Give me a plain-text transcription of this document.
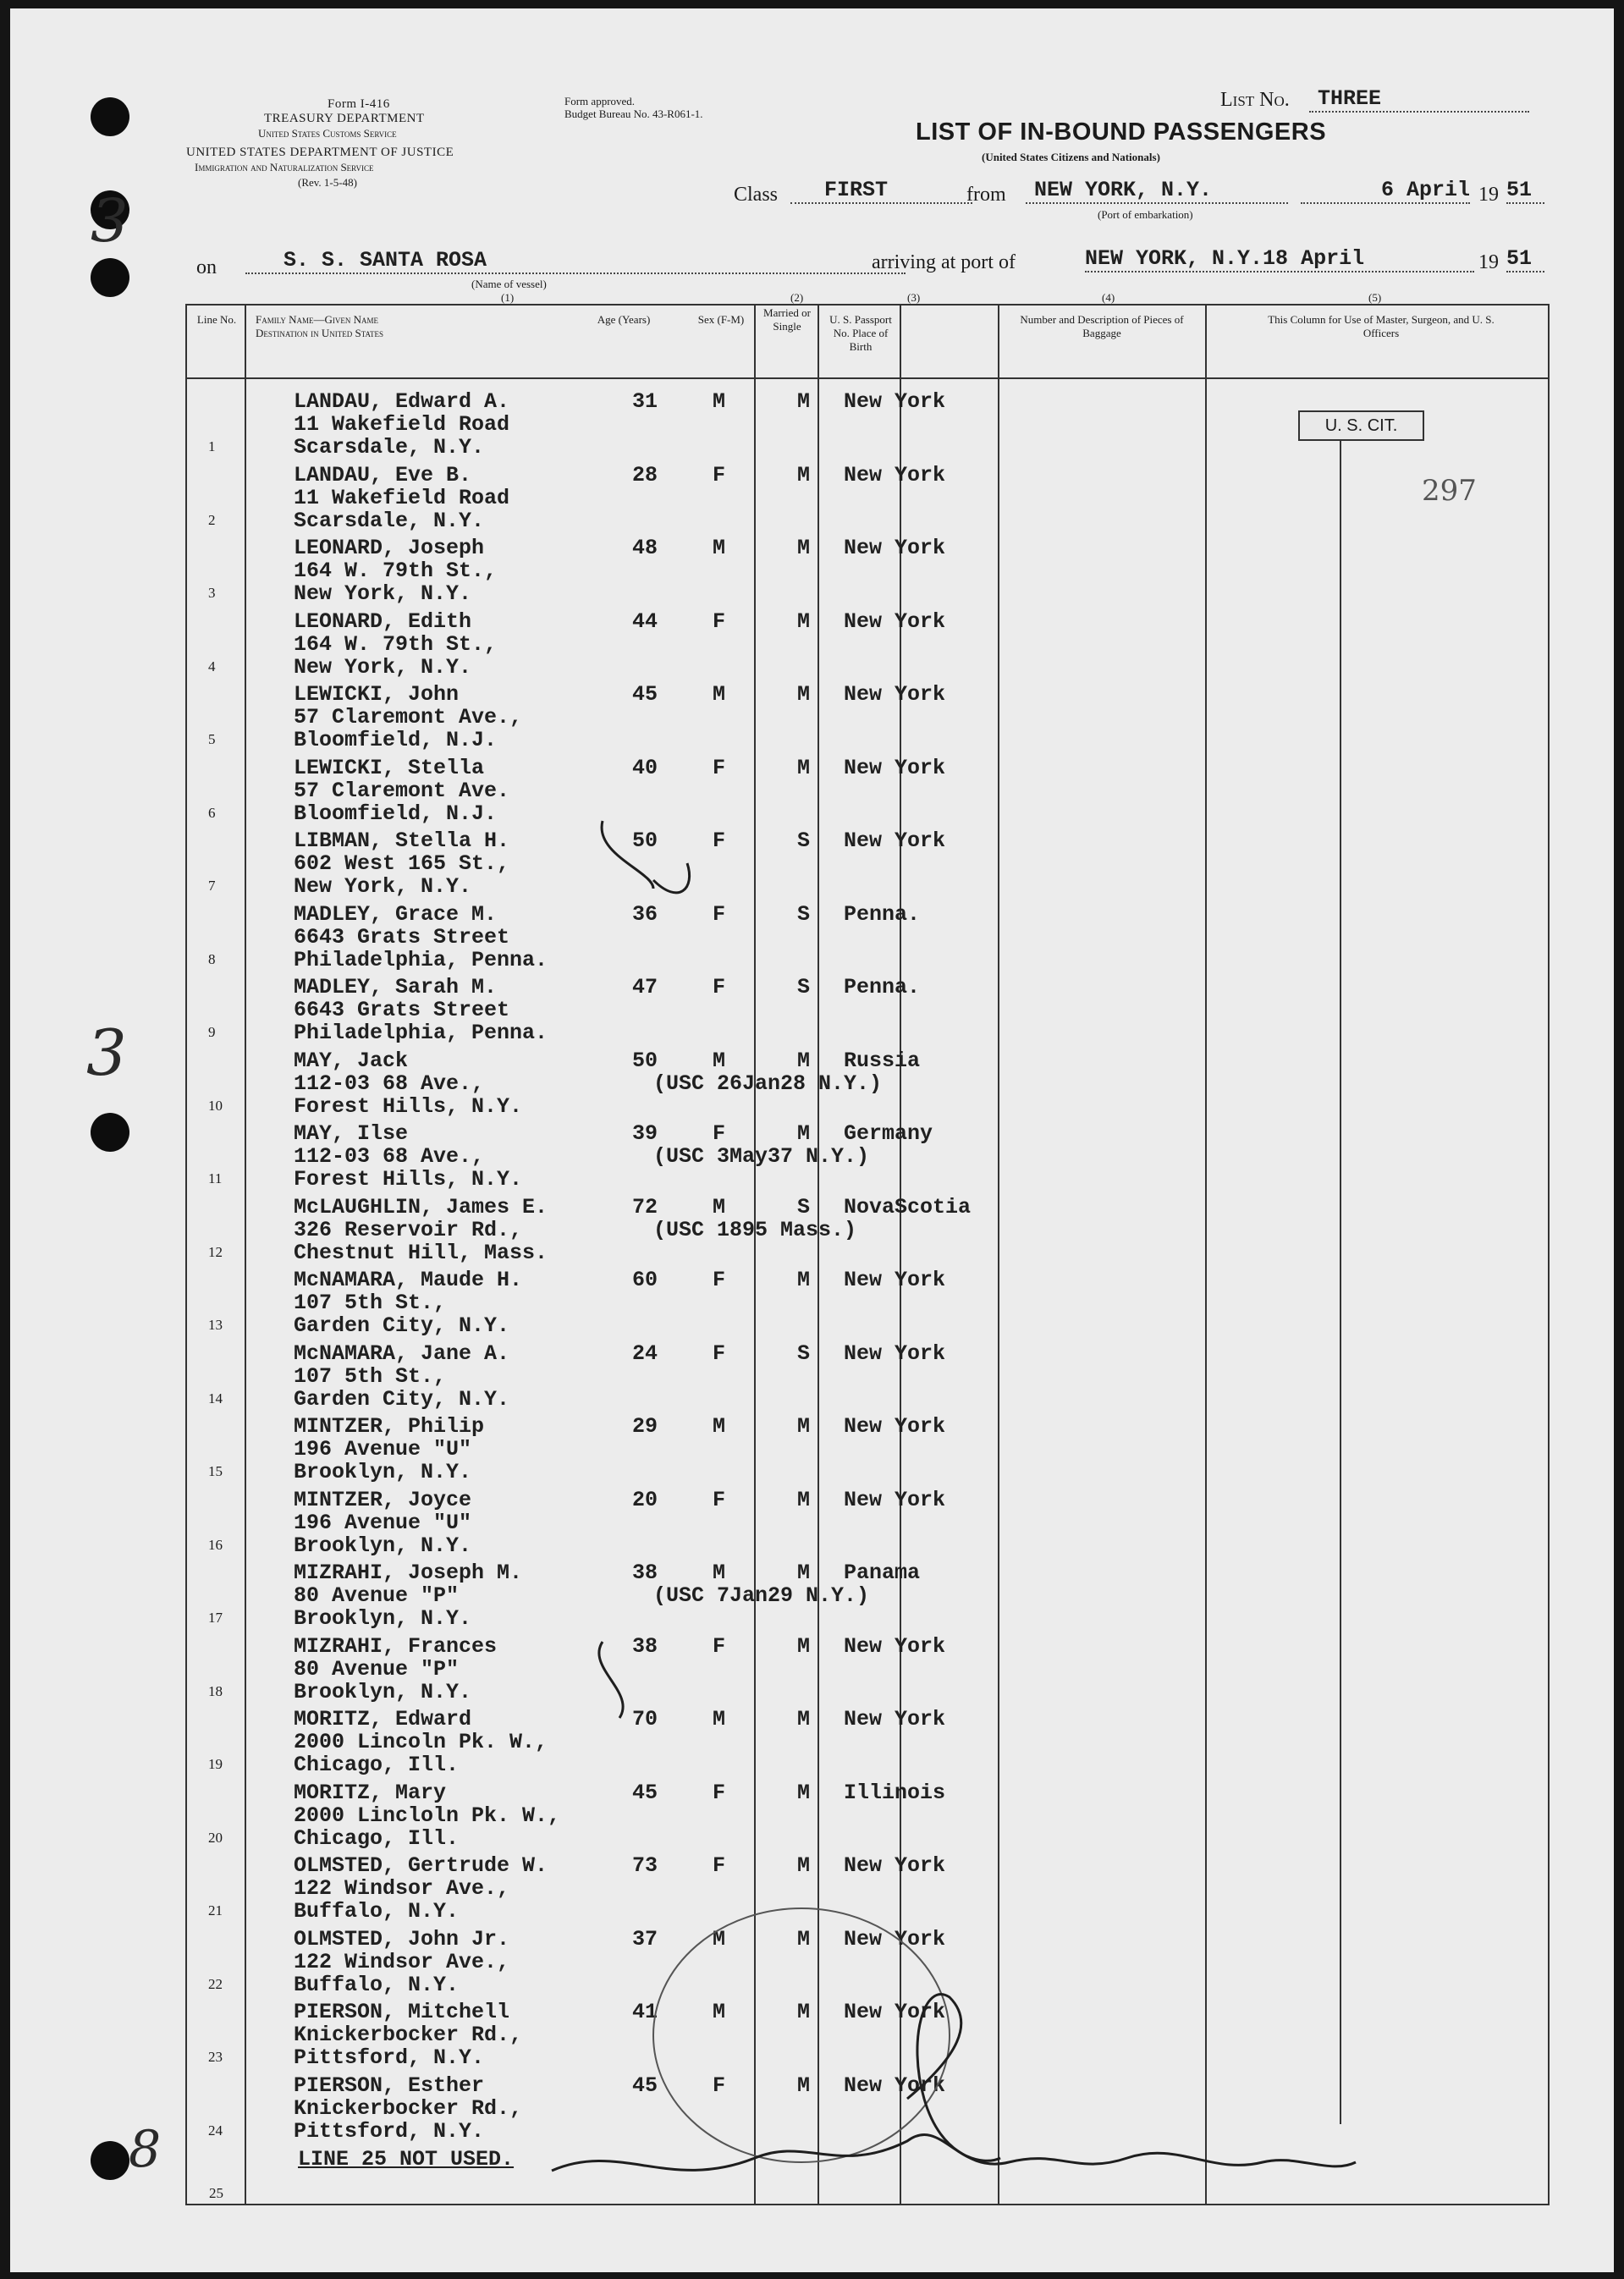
3
3
8
Form I-416
TREASURY DEPARTMENT
United States Customs Service
UNITED STATES DEPARTMENT OF JUSTICE
Immigration and Naturalization Service
(Rev. 1-5-48)
Form approved.
Budget Bureau No. 43-R061-1.
LIST OF IN-BOUND PASSENGERS
(United States Citizens and Nationals)
List No.	THREE
Class	FIRST	from	NEW YORK, N.Y.	6 April 19 51
(Port of embarkation)
on	S. S. SANTA ROSA	arriving at port of	NEW YORK, N.Y.18 April	19 51
(Name of vessel)
(1)	(2)	(3)	(4)	(5)
Line No.	Family Name—Given Name
Destination in United States
Age (Years)	Sex (F-M)
Married or Single
U. S. Passport No. Place of Birth
Number and Description of Pieces of Baggage
This Column for Use of Master, Surgeon, and U. S. Officers
1
LANDAU, Edward A.
11 Wakefield Road
Scarsdale, N.Y.
31	M	M New York
2
LANDAU, Eve B.
11 Wakefield Road
Scarsdale, N.Y.
28	F	M New York
3
LEONARD, Joseph
164 W. 79th St.,
New York, N.Y.
48	M	M New York
4
LEONARD, Edith
164 W. 79th St.,
New York, N.Y.
44	F	M New York
5
LEWICKI, John
57 Claremont Ave.,
Bloomfield, N.J.
45	M	M New York
6
LEWICKI, Stella
57 Claremont Ave.
Bloomfield, N.J.
40	F	M New York
7
LIBMAN, Stella H.
602 West 165 St.,
New York, N.Y.
50	F	S New York
8
MADLEY, Grace M.
6643 Grats Street
Philadelphia, Penna.
36	F	S Penna.
9
MADLEY, Sarah M.
6643 Grats Street
Philadelphia, Penna.
47	F	S Penna.
10
MAY, Jack
112-03 68 Ave.,
Forest Hills, N.Y.
50	M	M Russia
(USC 26Jan28 N.Y.)
11
MAY, Ilse
112-03 68 Ave.,
Forest Hills, N.Y.
39	F	M Germany
(USC 3May37 N.Y.)
12
McLAUGHLIN, James E.
326 Reservoir Rd.,
Chestnut Hill, Mass.
72	M	S NovaScotia
(USC 1895 Mass.)
13
McNAMARA, Maude H.
107 5th St.,
Garden City, N.Y.
60	F	M New York
14
McNAMARA, Jane A.
107 5th St.,
Garden City, N.Y.
24	F	S New York
15
MINTZER, Philip
196 Avenue "U"
Brooklyn, N.Y.
29	M	M New York
16
MINTZER, Joyce
196 Avenue "U"
Brooklyn, N.Y.
20	F	M New York
17
MIZRAHI, Joseph M.
80 Avenue "P"
Brooklyn, N.Y.
38	M	M Panama
(USC 7Jan29 N.Y.)
18
MIZRAHI, Frances
80 Avenue "P"
Brooklyn, N.Y.
38	F	M New York
19
MORITZ, Edward
2000 Lincoln Pk. W.,
Chicago, Ill.
70	M	M New York
20
MORITZ, Mary
2000 Lincloln Pk. W.,
Chicago, Ill.
45	F	M Illinois
21
OLMSTED, Gertrude W.
122 Windsor Ave.,
Buffalo, N.Y.
73	F	M New York
22
OLMSTED, John Jr.
122 Windsor Ave.,
Buffalo, N.Y.
37	M	M New York
23
PIERSON, Mitchell
Knickerbocker Rd.,
Pittsford, N.Y.
41	M	M New York
24
PIERSON, Esther
Knickerbocker Rd.,
Pittsford, N.Y.
45	F	M New York
25
LINE 25 NOT USED.
U. S. CIT.
297
